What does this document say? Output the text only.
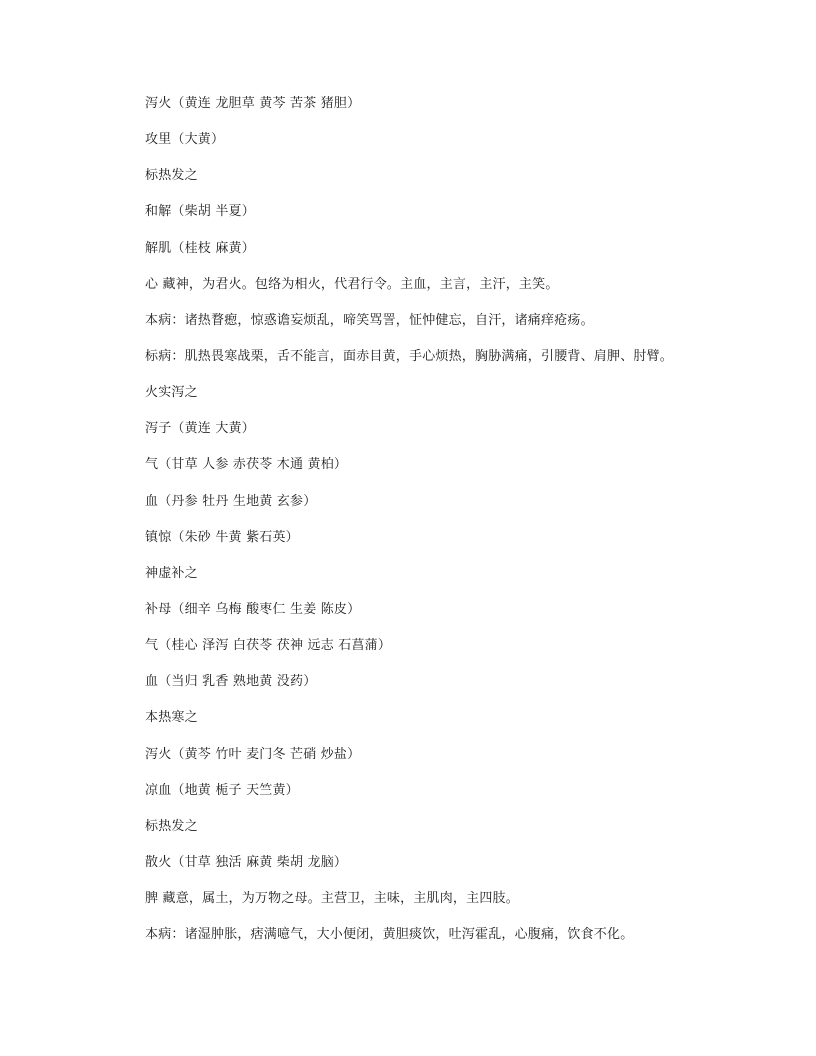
泻火（黄连 龙胆草 黄芩 苦茶 猪胆）
攻里（大黄）
标热发之
和解（柴胡 半夏）
解肌（桂枝 麻黄）
心 藏神，为君火。包络为相火，代君行令。主血，主言，主汗，主笑。
本病：诸热瞀瘛，惊惑谵妄烦乱，啼笑骂詈，怔忡健忘，自汗，诸痛痒疮疡。
标病：肌热畏寒战栗，舌不能言，面赤目黄，手心烦热，胸胁满痛，引腰背、肩胛、肘臂。
火实泻之
泻子（黄连 大黄）
气（甘草 人参 赤茯苓 木通 黄柏）
血（丹参 牡丹 生地黄 玄参）
镇惊（朱砂 牛黄 紫石英）
神虚补之
补母（细辛 乌梅 酸枣仁 生姜 陈皮）
气（桂心 泽泻 白茯苓 茯神 远志 石菖蒲）
血（当归 乳香 熟地黄 没药）
本热寒之
泻火（黄芩 竹叶 麦门冬 芒硝 炒盐）
凉血（地黄 栀子 天竺黄）
标热发之
散火（甘草 独活 麻黄 柴胡 龙脑）
脾 藏意，属土，为万物之母。主营卫，主味，主肌肉，主四肢。
本病：诸湿肿胀，痞满噫气，大小便闭，黄胆痰饮，吐泻霍乱，心腹痛，饮食不化。
